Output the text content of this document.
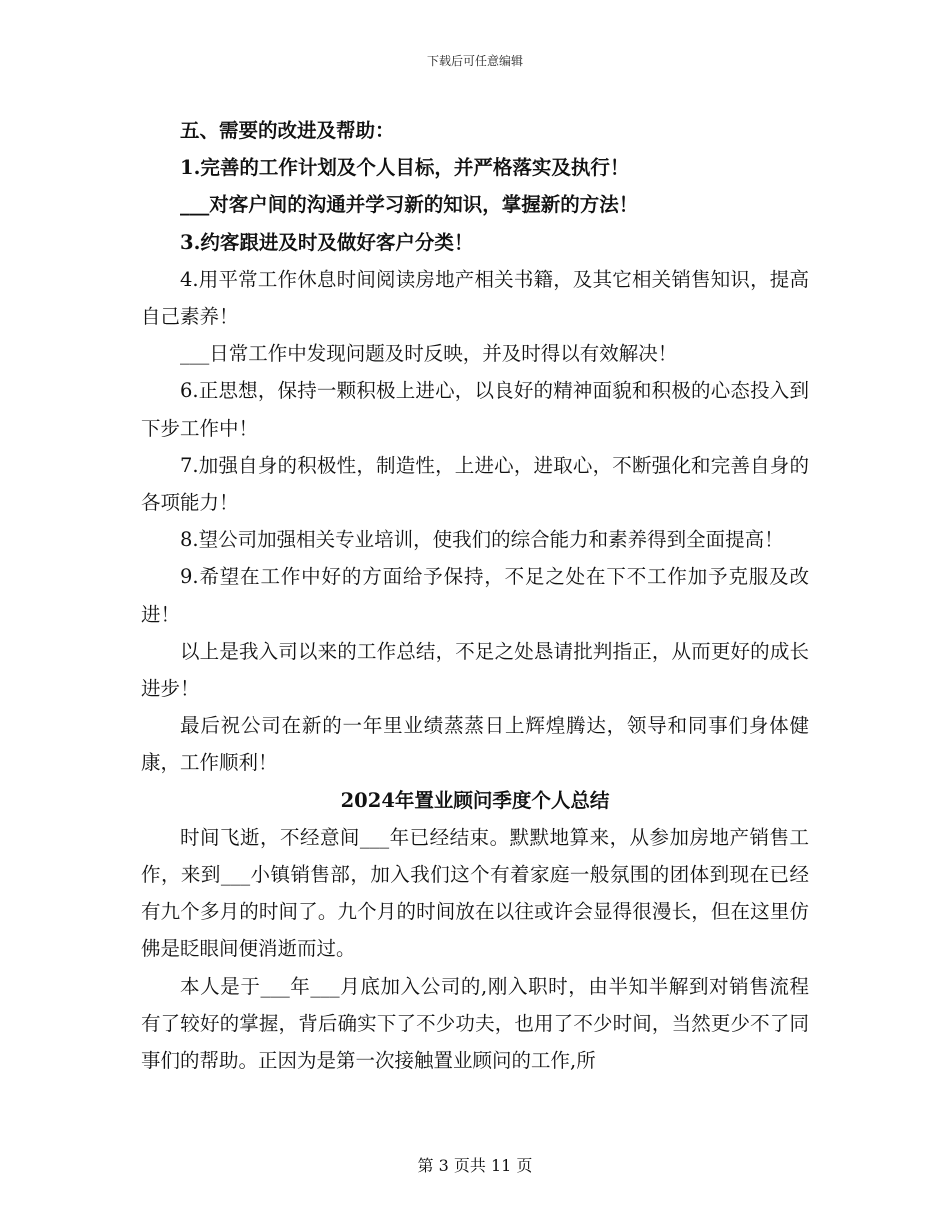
下载后可任意编辑

五、需要的改进及帮助：

1.完善的工作计划及个人目标，并严格落实及执行！

___对客户间的沟通并学习新的知识，掌握新的方法！

3.约客跟进及时及做好客户分类！

4.用平常工作休息时间阅读房地产相关书籍，及其它相关销售知识，提高自己素养！

___日常工作中发现问题及时反映，并及时得以有效解决！

6.正思想，保持一颗积极上进心，以良好的精神面貌和积极的心态投入到下步工作中！

7.加强自身的积极性，制造性，上进心，进取心，不断强化和完善自身的各项能力！

8.望公司加强相关专业培训，使我们的综合能力和素养得到全面提高！

9.希望在工作中好的方面给予保持，不足之处在下不工作加予克服及改进！

以上是我入司以来的工作总结，不足之处恳请批判指正，从而更好的成长进步！

最后祝公司在新的一年里业绩蒸蒸日上辉煌腾达，领导和同事们身体健康，工作顺利！

2024年置业顾问季度个人总结

时间飞逝，不经意间___年已经结束。默默地算来，从参加房地产销售工作，来到___小镇销售部，加入我们这个有着家庭一般氛围的团体到现在已经有九个多月的时间了。九个月的时间放在以往或许会显得很漫长，但在这里仿佛是眨眼间便消逝而过。

本人是于___年___月底加入公司的,刚入职时，由半知半解到对销售流程有了较好的掌握，背后确实下了不少功夫，也用了不少时间，当然更少不了同事们的帮助。正因为是第一次接触置业顾问的工作,所

第 3 页共 11 页
